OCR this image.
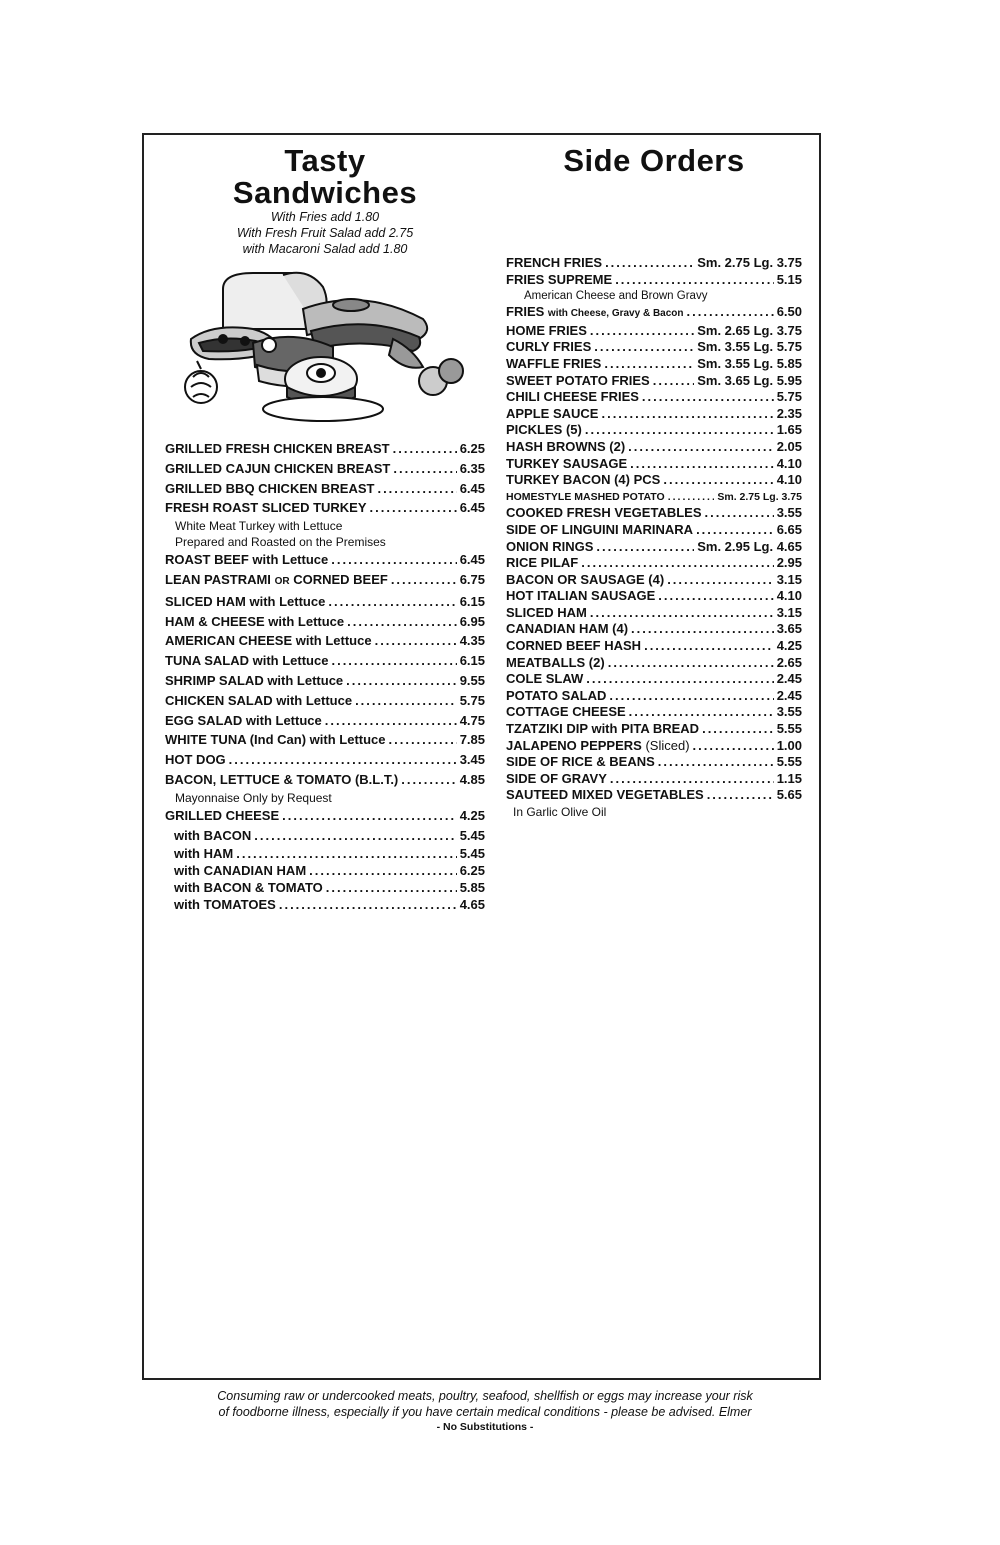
Tasty
Sandwiches
With Fries add 1.80
With Fresh Fruit Salad add 2.75
with Macaroni Salad add 1.80
GRILLED FRESH CHICKEN BREAST .....	6.25
GRILLED CAJUN CHICKEN BREAST .....	6.35
GRILLED BBQ CHICKEN BREAST .....	6.45
FRESH ROAST SLICED TURKEY .....	6.45
White Meat Turkey with Lettuce
Prepared and Roasted on the Premises
ROAST BEEF with Lettuce .....	6.45
LEAN PASTRAMI OR CORNED BEEF .....	6.75
SLICED HAM with Lettuce .....	6.15
HAM & CHEESE with Lettuce .....	6.95
AMERICAN CHEESE with Lettuce .....	4.35
TUNA SALAD with Lettuce .....	6.15
SHRIMP SALAD with Lettuce .....	9.55
CHICKEN SALAD with Lettuce .....	5.75
EGG SALAD with Lettuce .....	4.75
WHITE TUNA (Ind Can) with Lettuce .....	7.85
HOT DOG .....	3.45
BACON, LETTUCE & TOMATO (B.L.T.) .....	4.85
Mayonnaise Only by Request
GRILLED CHEESE .....	4.25
with BACON .....	5.45
with HAM .....	5.45
with CANADIAN HAM .....	6.25
with BACON & TOMATO .....	5.85
with TOMATOES .....	4.65
Side Orders
FRENCH FRIES .....	Sm. 2.75 Lg. 3.75
FRIES SUPREME .....	5.15
American Cheese and Brown Gravy
FRIES with Cheese, Gravy & Bacon .....	6.50
HOME FRIES .....	Sm. 2.65 Lg. 3.75
CURLY FRIES .....	Sm. 3.55 Lg. 5.75
WAFFLE FRIES .....	Sm. 3.55 Lg. 5.85
SWEET POTATO FRIES .....	Sm. 3.65 Lg. 5.95
CHILI CHEESE FRIES .....	5.75
APPLE SAUCE .....	2.35
PICKLES (5) .....	1.65
HASH BROWNS (2) .....	2.05
TURKEY SAUSAGE .....	4.10
TURKEY BACON (4) PCS .....	4.10
HOMESTYLE MASHED POTATO .....	Sm. 2.75 Lg. 3.75
COOKED FRESH VEGETABLES .....	3.55
SIDE OF LINGUINI MARINARA .....	6.65
ONION RINGS .....	Sm. 2.95 Lg. 4.65
RICE PILAF .....	2.95
BACON OR SAUSAGE (4) .....	3.15
HOT ITALIAN SAUSAGE .....	4.10
SLICED HAM .....	3.15
CANADIAN HAM (4) .....	3.65
CORNED BEEF HASH .....	4.25
MEATBALLS (2) .....	2.65
COLE SLAW .....	2.45
POTATO SALAD .....	2.45
COTTAGE CHEESE .....	3.55
TZATZIKI DIP with PITA BREAD .....	5.55
JALAPENO PEPPERS (Sliced) .....	1.00
SIDE OF RICE & BEANS .....	5.55
SIDE OF GRAVY .....	1.15
SAUTEED MIXED VEGETABLES .....	5.65
In Garlic Olive Oil
Consuming raw or undercooked meats, poultry, seafood, shellfish or eggs may increase your risk
of foodborne illness, especially if you have certain medical conditions - please be advised. Elmer
- No Substitutions -
